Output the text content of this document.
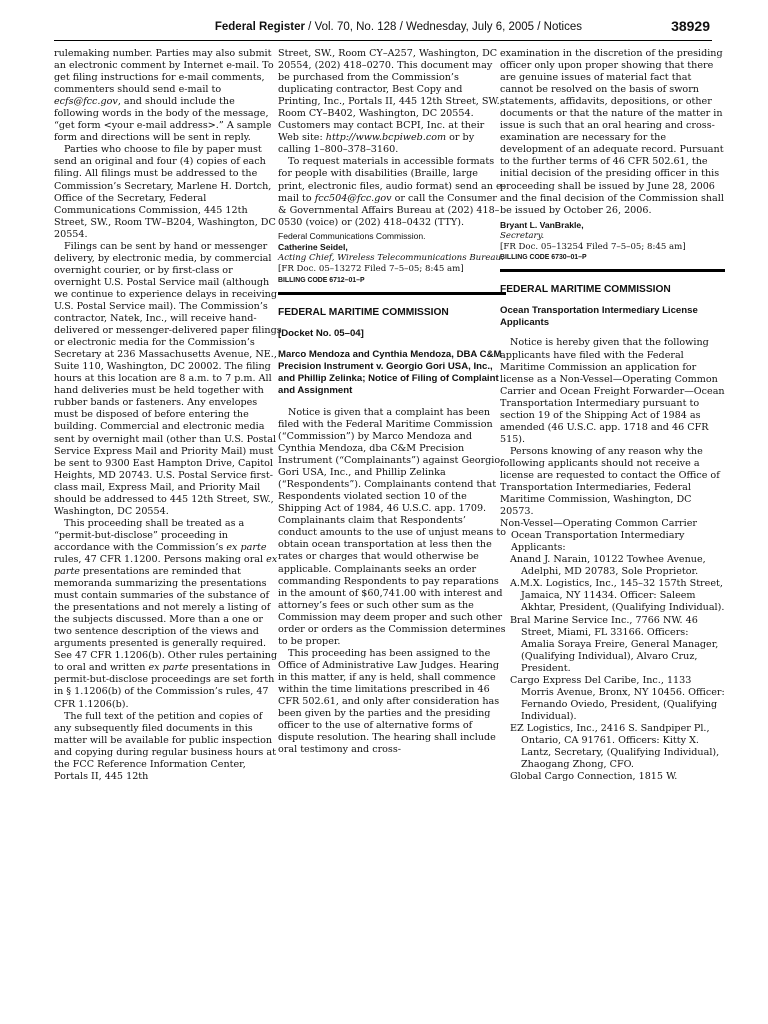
Federal Register / Vol. 70, No. 128 / Wednesday, July 6, 2005 / Notices	38929

rulemaking number. Parties may also submit an electronic comment by Internet e-mail. To get filing instructions for e-mail comments, commenters should send e-mail to ecfs@fcc.gov, and should include the following words in the body of the message, “get form <your e-mail address>.” A sample form and directions will be sent in reply.

Parties who choose to file by paper must send an original and four (4) copies of each filing. All filings must be addressed to the Commission’s Secretary, Marlene H. Dortch, Office of the Secretary, Federal Communications Commission, 445 12th Street, SW., Room TW–B204, Washington, DC 20554.

Filings can be sent by hand or messenger delivery, by electronic media, by commercial overnight courier, or by first-class or overnight U.S. Postal Service mail (although we continue to experience delays in receiving U.S. Postal Service mail). The Commission’s contractor, Natek, Inc., will receive hand-delivered or messenger-delivered paper filings or electronic media for the Commission’s Secretary at 236 Massachusetts Avenue, NE., Suite 110, Washington, DC 20002. The filing hours at this location are 8 a.m. to 7 p.m. All hand deliveries must be held together with rubber bands or fasteners. Any envelopes must be disposed of before entering the building. Commercial and electronic media sent by overnight mail (other than U.S. Postal Service Express Mail and Priority Mail) must be sent to 9300 East Hampton Drive, Capitol Heights, MD 20743. U.S. Postal Service first-class mail, Express Mail, and Priority Mail should be addressed to 445 12th Street, SW., Washington, DC 20554.

This proceeding shall be treated as a “permit-but-disclose” proceeding in accordance with the Commission’s ex parte rules, 47 CFR 1.1200. Persons making oral ex parte presentations are reminded that memoranda summarizing the presentations must contain summaries of the substance of the presentations and not merely a listing of the subjects discussed. More than a one or two sentence description of the views and arguments presented is generally required. See 47 CFR 1.1206(b). Other rules pertaining to oral and written ex parte presentations in permit-but-disclose proceedings are set forth in § 1.1206(b) of the Commission’s rules, 47 CFR 1.1206(b).

The full text of the petition and copies of any subsequently filed documents in this matter will be available for public inspection and copying during regular business hours at the FCC Reference Information Center, Portals II, 445 12th

Street, SW., Room CY–A257, Washington, DC 20554, (202) 418–0270. This document may be purchased from the Commission’s duplicating contractor, Best Copy and Printing, Inc., Portals II, 445 12th Street, SW., Room CY–B402, Washington, DC 20554. Customers may contact BCPI, Inc. at their Web site: http://www.bcpiweb.com or by calling 1–800–378–3160.

To request materials in accessible formats for people with disabilities (Braille, large print, electronic files, audio format) send an e-mail to fcc504@fcc.gov or call the Consumer & Governmental Affairs Bureau at (202) 418–0530 (voice) or (202) 418–0432 (TTY).

Federal Communications Commission.

Catherine Seidel,

Acting Chief, Wireless Telecommunications Bureau.

[FR Doc. 05–13272 Filed 7–5–05; 8:45 am]

BILLING CODE 6712–01–P
FEDERAL MARITIME COMMISSION
[Docket No. 05–04]
Marco Mendoza and Cynthia Mendoza, DBA C&M Precision Instrument v. Georgio Gori USA, Inc., and Phillip Zelinka; Notice of Filing of Complaint and Assignment

Notice is given that a complaint has been filed with the Federal Maritime Commission (“Commission”) by Marco Mendoza and Cynthia Mendoza, dba C&M Precision Instrument (“Complainants”) against Georgio Gori USA, Inc., and Phillip Zelinka (“Respondents”). Complainants contend that Respondents violated section 10 of the Shipping Act of 1984, 46 U.S.C. app. 1709. Complainants claim that Respondents’ conduct amounts to the use of unjust means to obtain ocean transportation at less then the rates or charges that would otherwise be applicable. Complainants seeks an order commanding Respondents to pay reparations in the amount of $60,741.00 with interest and attorney’s fees or such other sum as the Commission may deem proper and such other order or orders as the Commission determines to be proper.

This proceeding has been assigned to the Office of Administrative Law Judges. Hearing in this matter, if any is held, shall commence within the time limitations prescribed in 46 CFR 502.61, and only after consideration has been given by the parties and the presiding officer to the use of alternative forms of dispute resolution. The hearing shall include oral testimony and cross-

examination in the discretion of the presiding officer only upon proper showing that there are genuine issues of material fact that cannot be resolved on the basis of sworn statements, affidavits, depositions, or other documents or that the nature of the matter in issue is such that an oral hearing and cross-examination are necessary for the development of an adequate record. Pursuant to the further terms of 46 CFR 502.61, the initial decision of the presiding officer in this proceeding shall be issued by June 28, 2006 and the final decision of the Commission shall be issued by October 26, 2006.

Bryant L. VanBrakle,

Secretary.

[FR Doc. 05–13254 Filed 7–5–05; 8:45 am]

BILLING CODE 6730–01–P
FEDERAL MARITIME COMMISSION
Ocean Transportation Intermediary License Applicants

Notice is hereby given that the following applicants have filed with the Federal Maritime Commission an application for license as a Non-Vessel—Operating Common Carrier and Ocean Freight Forwarder—Ocean Transportation Intermediary pursuant to section 19 of the Shipping Act of 1984 as amended (46 U.S.C. app. 1718 and 46 CFR 515).

Persons knowing of any reason why the following applicants should not receive a license are requested to contact the Office of Transportation Intermediaries, Federal Maritime Commission, Washington, DC 20573.

Non-Vessel—Operating Common Carrier Ocean Transportation Intermediary Applicants:

Anand J. Narain, 10122 Towhee Avenue, Adelphi, MD 20783, Sole Proprietor.

A.M.X. Logistics, Inc., 145–32 157th Street, Jamaica, NY 11434. Officer: Saleem Akhtar, President, (Qualifying Individual).

Bral Marine Service Inc., 7766 NW. 46 Street, Miami, FL 33166. Officers: Amalia Soraya Freire, General Manager, (Qualifying Individual), Alvaro Cruz, President.

Cargo Express Del Caribe, Inc., 1133 Morris Avenue, Bronx, NY 10456. Officer: Fernando Oviedo, President, (Qualifying Individual).

EZ Logistics, Inc., 2416 S. Sandpiper Pl., Ontario, CA 91761. Officers: Kitty X. Lantz, Secretary, (Qualifying Individual), Zhaogang Zhong, CFO.

Global Cargo Connection, 1815 W.
